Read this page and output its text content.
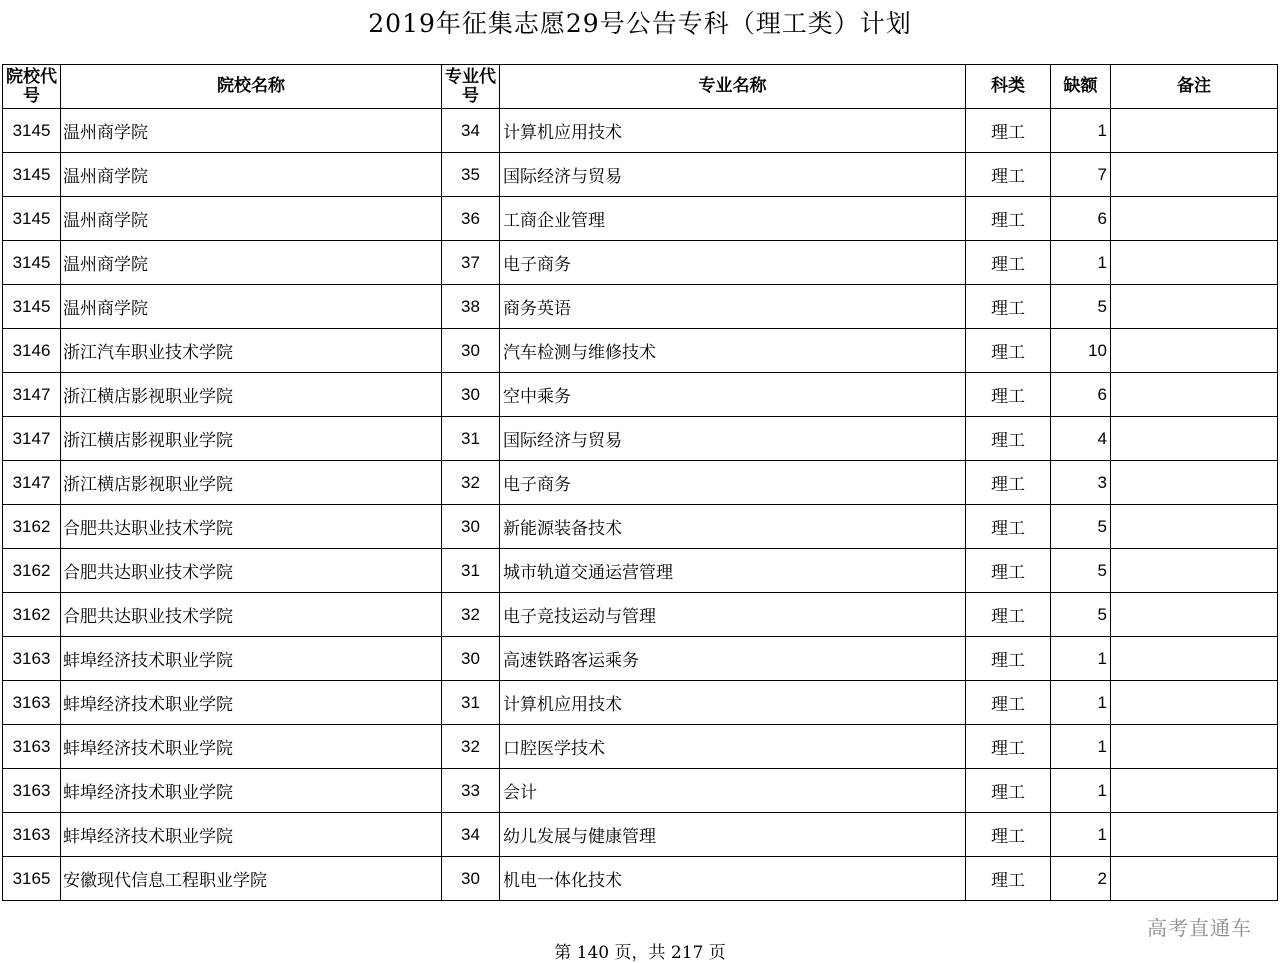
2019年征集志愿29号公告专科（理工类）计划
院校代号	院校名称	专业代号	专业名称	科类	缺额	备注
3145	温州商学院	34	计算机应用技术	理工	1	
3145	温州商学院	35	国际经济与贸易	理工	7	
3145	温州商学院	36	工商企业管理	理工	6	
3145	温州商学院	37	电子商务	理工	1	
3145	温州商学院	38	商务英语	理工	5	
3146	浙江汽车职业技术学院	30	汽车检测与维修技术	理工	10	
3147	浙江横店影视职业学院	30	空中乘务	理工	6	
3147	浙江横店影视职业学院	31	国际经济与贸易	理工	4	
3147	浙江横店影视职业学院	32	电子商务	理工	3	
3162	合肥共达职业技术学院	30	新能源装备技术	理工	5	
3162	合肥共达职业技术学院	31	城市轨道交通运营管理	理工	5	
3162	合肥共达职业技术学院	32	电子竞技运动与管理	理工	5	
3163	蚌埠经济技术职业学院	30	高速铁路客运乘务	理工	1	
3163	蚌埠经济技术职业学院	31	计算机应用技术	理工	1	
3163	蚌埠经济技术职业学院	32	口腔医学技术	理工	1	
3163	蚌埠经济技术职业学院	33	会计	理工	1	
3163	蚌埠经济技术职业学院	34	幼儿发展与健康管理	理工	1	
3165	安徽现代信息工程职业学院	30	机电一体化技术	理工	2	
高考直通车
第 140 页，共 217 页
